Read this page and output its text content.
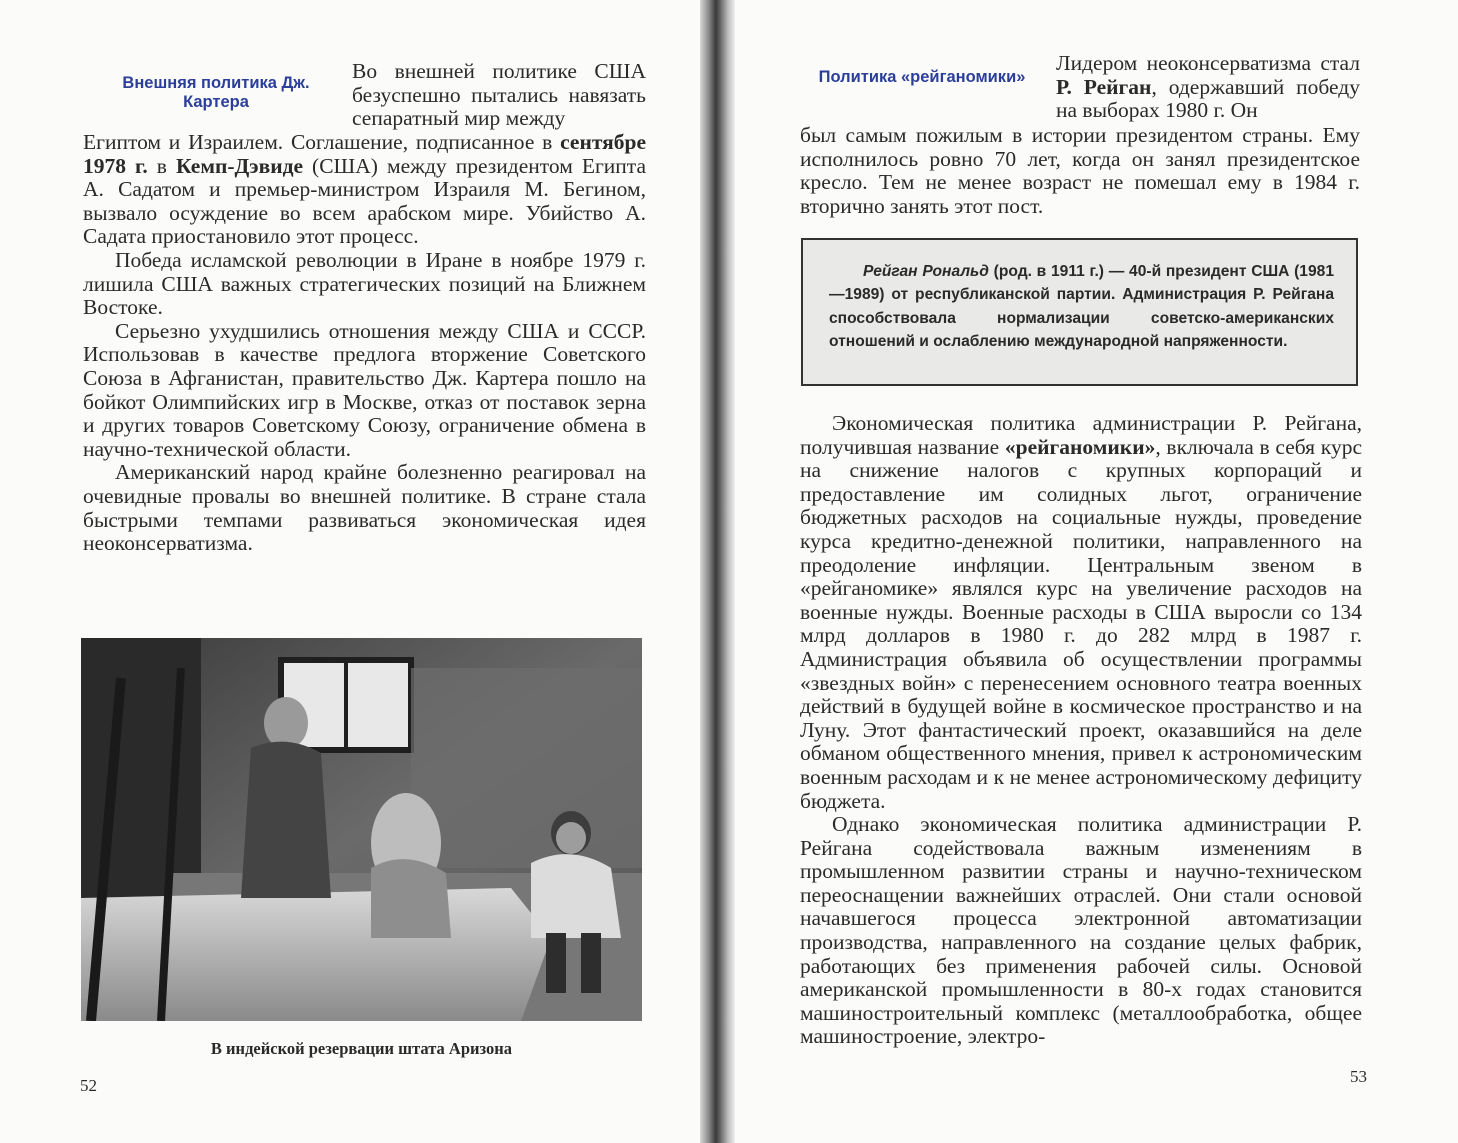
Внешняя политика Дж. Картера

Во внешней политике США безуспешно пытались навязать сепаратный мир между

Египтом и Израилем. Соглашение, подписанное в сентябре 1978 г. в Кемп-Дэвиде (США) между президентом Египта А. Садатом и премьер-министром Израиля М. Бегином, вызвало осуждение во всем арабском мире. Убийство А. Садата приостановило этот процесс.

Победа исламской революции в Иране в ноябре 1979 г. лишила США важных стратегических позиций на Ближнем Востоке.

Серьезно ухудшились отношения между США и СССР. Использовав в качестве предлога вторжение Советского Союза в Афганистан, правительство Дж. Картера пошло на бойкот Олимпийских игр в Москве, отказ от поставок зерна и других товаров Советскому Союзу, ограничение обмена в научно-технической области.

Американский народ крайне болезненно реагировал на очевидные провалы во внешней политике. В стране стала быстрыми темпами развиваться экономическая идея неоконсерватизма.

В индейской резервации штата Аризона
52
Политика «рейганомики»

Лидером неоконсерватизма стал Р. Рейган, одержавший победу на выборах 1980 г. Он

был самым пожилым в истории президентом страны. Ему исполнилось ровно 70 лет, когда он занял президентское кресло. Тем не менее возраст не помешал ему в 1984 г. вторично занять этот пост.

Рейган Рональд (род. в 1911 г.) — 40-й президент США (1981—1989) от республиканской партии. Администрация Р. Рейгана способствовала нормализации советско-американских отношений и ослаблению международной напряженности.

Экономическая политика администрации Р. Рейгана, получившая название «рейганомики», включала в себя курс на снижение налогов с крупных корпораций и предоставление им солидных льгот, ограничение бюджетных расходов на социальные нужды, проведение курса кредитно-денежной политики, направленного на преодоление инфляции. Центральным звеном в «рейганомике» являлся курс на увеличение расходов на военные нужды. Военные расходы в США выросли со 134 млрд долларов в 1980 г. до 282 млрд в 1987 г. Администрация объявила об осуществлении программы «звездных войн» с перенесением основного театра военных действий в будущей войне в космическое пространство и на Луну. Этот фантастический проект, оказавшийся на деле обманом общественного мнения, привел к астрономическим военным расходам и к не менее астрономическому дефициту бюджета.

Однако экономическая политика администрации Р. Рейгана содействовала важным изменениям в промышленном развитии страны и научно-техническом переоснащении важнейших отраслей. Они стали основой начавшегося процесса электронной автоматизации производства, направленного на создание целых фабрик, работающих без применения рабочей силы. Основой американской промышленности в 80-х годах становится машиностроительный комплекс (металлообработка, общее машиностроение, электро-

53
